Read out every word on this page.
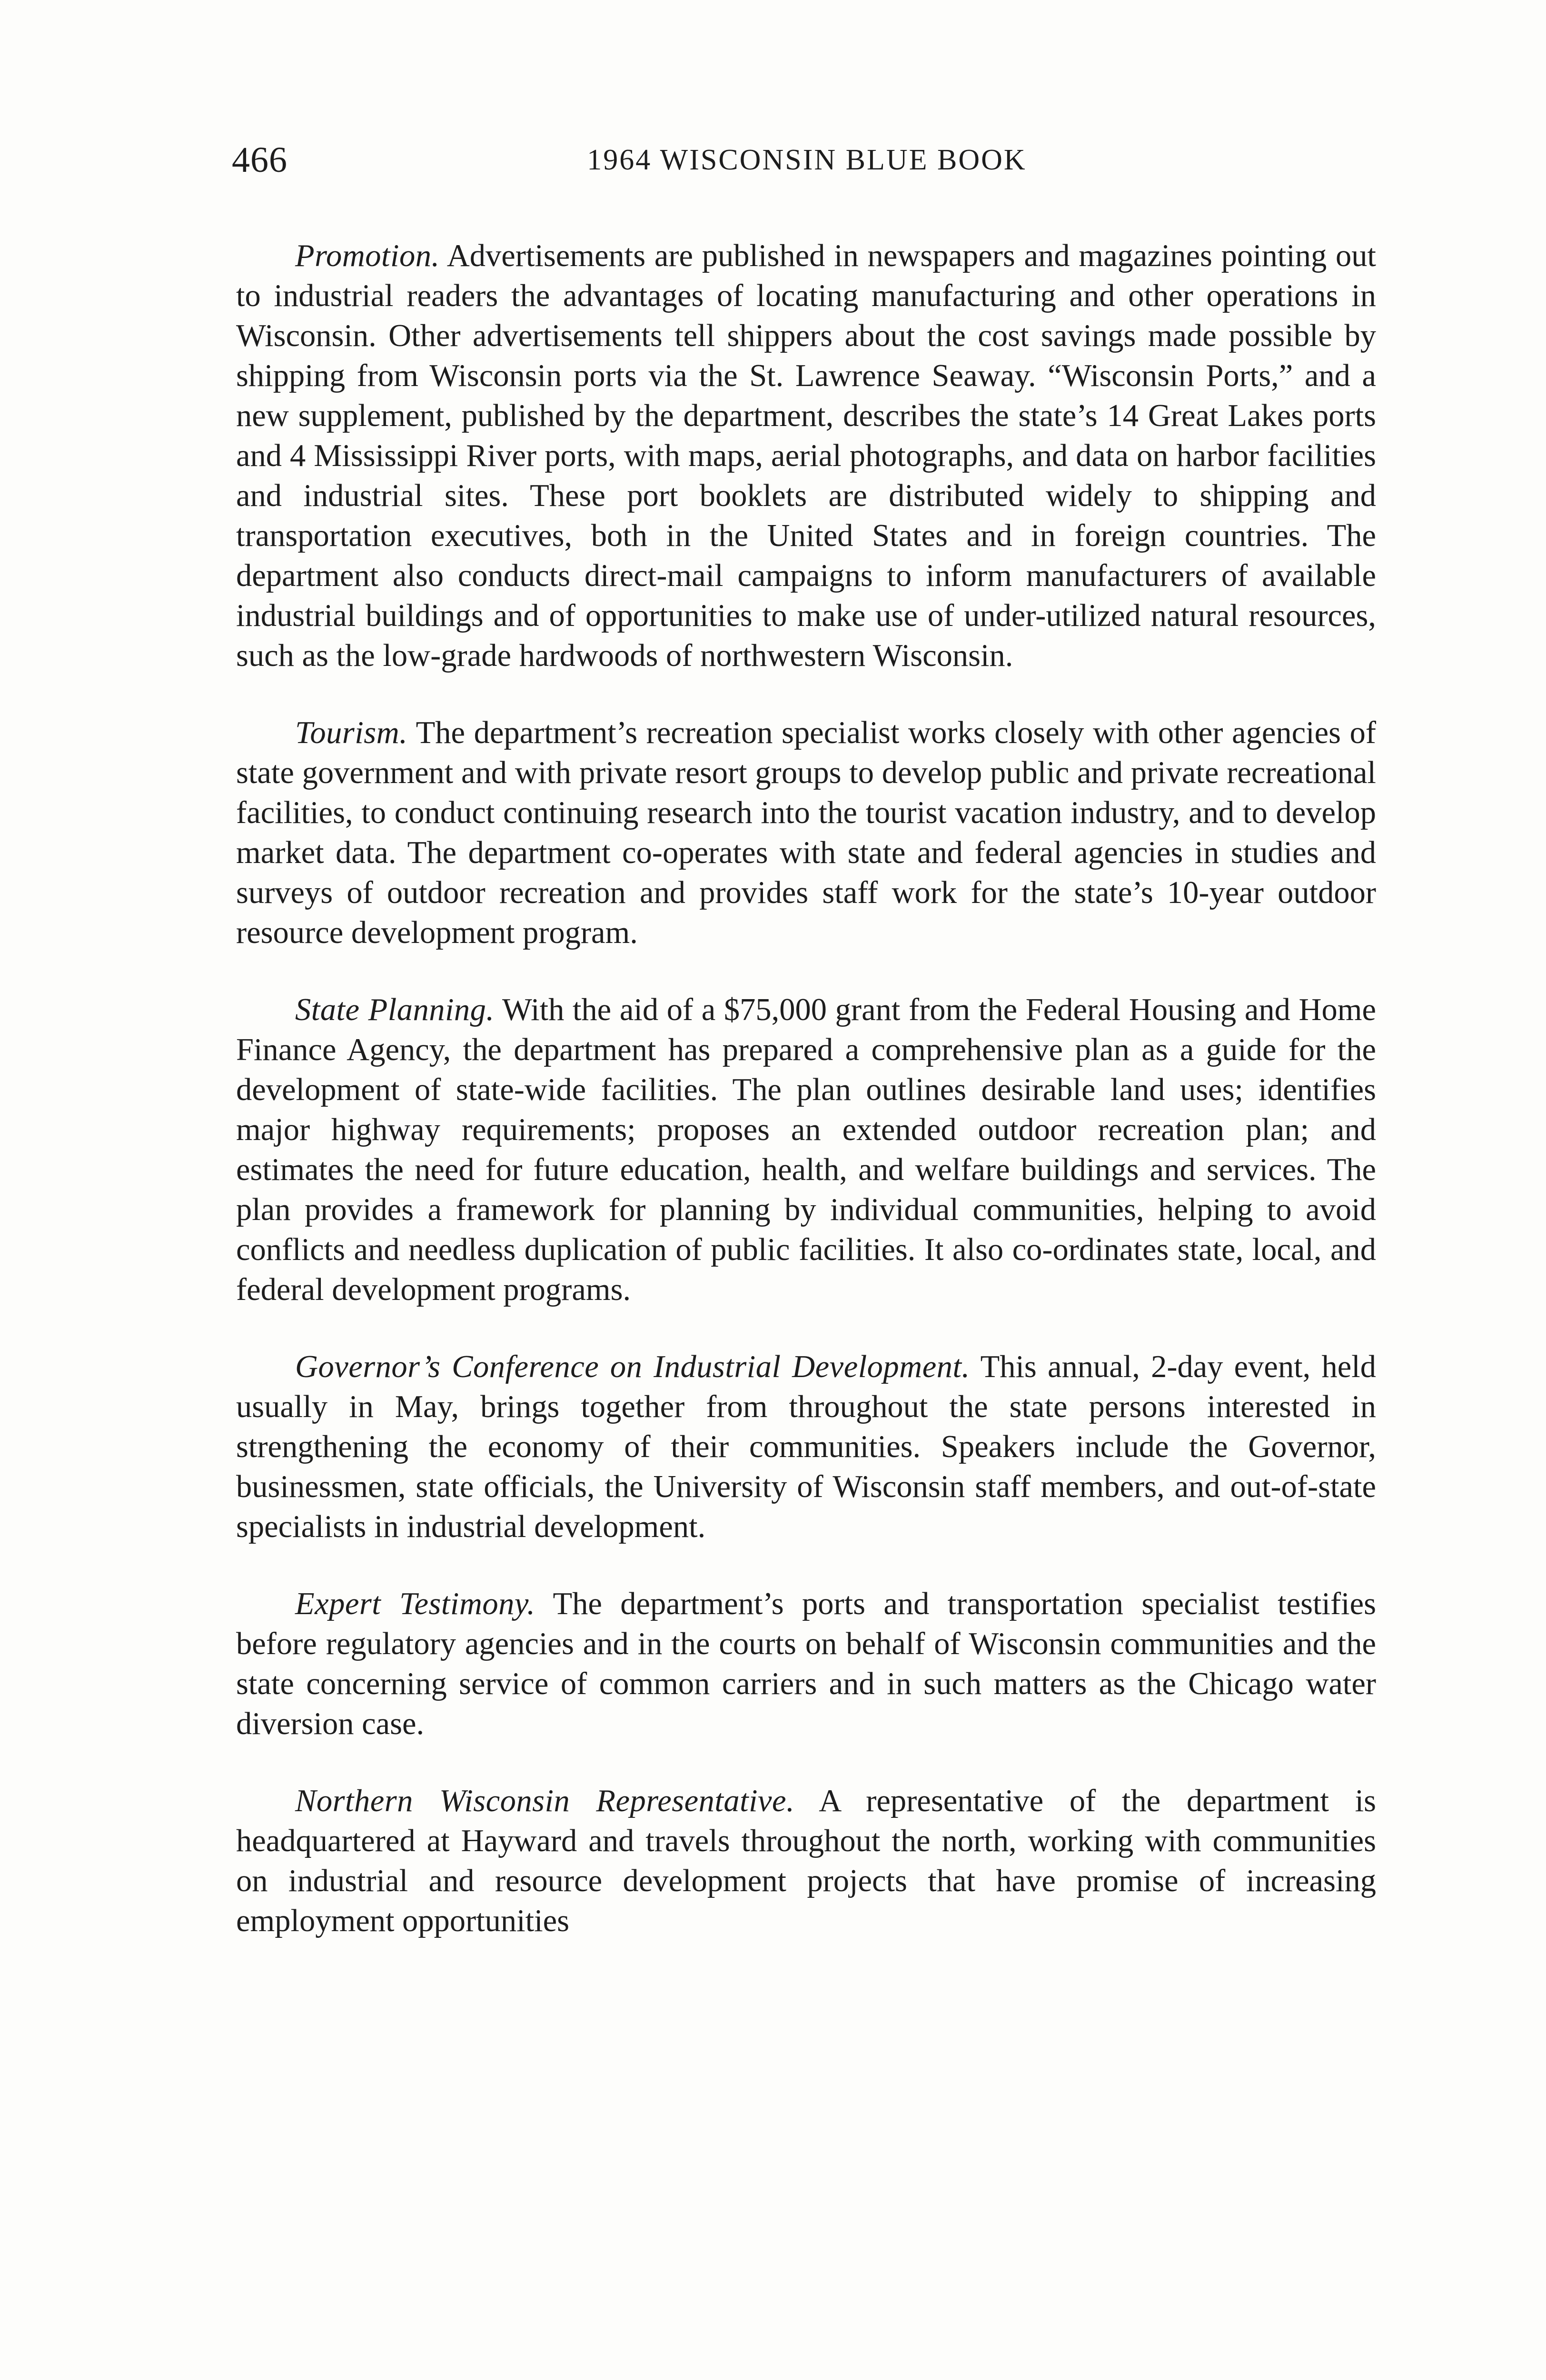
466	1964 WISCONSIN BLUE BOOK

Promotion. Advertisements are published in newspapers and magazines pointing out to industrial readers the advantages of locating manufacturing and other operations in Wisconsin. Other advertisements tell shippers about the cost savings made possible by shipping from Wisconsin ports via the St. Lawrence Seaway. “Wisconsin Ports,” and a new supplement, published by the department, describes the state’s 14 Great Lakes ports and 4 Mississippi River ports, with maps, aerial photographs, and data on harbor facilities and industrial sites. These port booklets are distributed widely to shipping and transportation executives, both in the United States and in foreign countries. The department also conducts direct-mail campaigns to inform manufacturers of available industrial buildings and of opportunities to make use of under-utilized natural resources, such as the low-grade hardwoods of northwestern Wisconsin.

Tourism. The department’s recreation specialist works closely with other agencies of state government and with private resort groups to develop public and private recreational facilities, to conduct continuing research into the tourist vacation industry, and to develop market data. The department co-operates with state and federal agencies in studies and surveys of outdoor recreation and provides staff work for the state’s 10-year outdoor resource development program.

State Planning. With the aid of a $75,000 grant from the Federal Housing and Home Finance Agency, the department has prepared a comprehensive plan as a guide for the development of state-wide facilities. The plan outlines desirable land uses; identifies major highway requirements; proposes an extended outdoor recreation plan; and estimates the need for future education, health, and welfare buildings and services. The plan provides a framework for planning by individual communities, helping to avoid conflicts and needless duplication of public facilities. It also co-ordinates state, local, and federal development programs.

Governor’s Conference on Industrial Development. This annual, 2-day event, held usually in May, brings together from throughout the state persons interested in strengthening the economy of their communities. Speakers include the Governor, businessmen, state officials, the University of Wisconsin staff members, and out-of-state specialists in industrial development.

Expert Testimony. The department’s ports and transportation specialist testifies before regulatory agencies and in the courts on behalf of Wisconsin communities and the state concerning service of common carriers and in such matters as the Chicago water diversion case.

Northern Wisconsin Representative. A representative of the department is headquartered at Hayward and travels throughout the north, working with communities on industrial and resource development projects that have promise of increasing employment opportunities
